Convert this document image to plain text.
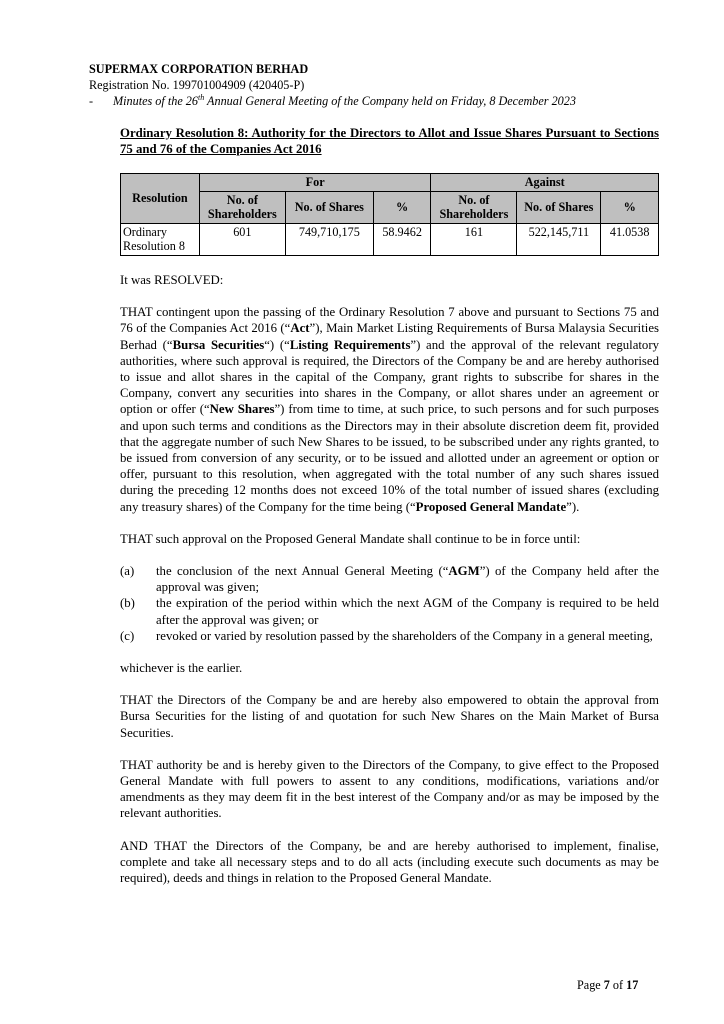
SUPERMAX CORPORATION BERHAD
Registration No. 199701004909 (420405-P)
- Minutes of the 26th Annual General Meeting of the Company held on Friday, 8 December 2023

Ordinary Resolution 8: Authority for the Directors to Allot and Issue Shares Pursuant to Sections 75 and 76 of the Companies Act 2016

Resolution	For			Against		
	No. of Shareholders	No. of Shares	%	No. of Shareholders	No. of Shares	%
Ordinary Resolution 8	601	749,710,175	58.9462	161	522,145,711	41.0538

It was RESOLVED:

THAT contingent upon the passing of the Ordinary Resolution 7 above and pursuant to Sections 75 and 76 of the Companies Act 2016 (“Act”), Main Market Listing Requirements of Bursa Malaysia Securities Berhad (“Bursa Securities“) (“Listing Requirements”) and the approval of the relevant regulatory authorities, where such approval is required, the Directors of the Company be and are hereby authorised to issue and allot shares in the capital of the Company, grant rights to subscribe for shares in the Company, convert any securities into shares in the Company, or allot shares under an agreement or option or offer (“New Shares”) from time to time, at such price, to such persons and for such purposes and upon such terms and conditions as the Directors may in their absolute discretion deem fit, provided that the aggregate number of such New Shares to be issued, to be subscribed under any rights granted, to be issued from conversion of any security, or to be issued and allotted under an agreement or option or offer, pursuant to this resolution, when aggregated with the total number of any such shares issued during the preceding 12 months does not exceed 10% of the total number of issued shares (excluding any treasury shares) of the Company for the time being (“Proposed General Mandate”).

THAT such approval on the Proposed General Mandate shall continue to be in force until:

(a)	the conclusion of the next Annual General Meeting (“AGM”) of the Company held after the approval was given;
(b)	the expiration of the period within which the next AGM of the Company is required to be held after the approval was given; or
(c)	revoked or varied by resolution passed by the shareholders of the Company in a general meeting,

whichever is the earlier.

THAT the Directors of the Company be and are hereby also empowered to obtain the approval from Bursa Securities for the listing of and quotation for such New Shares on the Main Market of Bursa Securities.

THAT authority be and is hereby given to the Directors of the Company, to give effect to the Proposed General Mandate with full powers to assent to any conditions, modifications, variations and/or amendments as they may deem fit in the best interest of the Company and/or as may be imposed by the relevant authorities.

AND THAT the Directors of the Company, be and are hereby authorised to implement, finalise, complete and take all necessary steps and to do all acts (including execute such documents as may be required), deeds and things in relation to the Proposed General Mandate.

Page 7 of 17
